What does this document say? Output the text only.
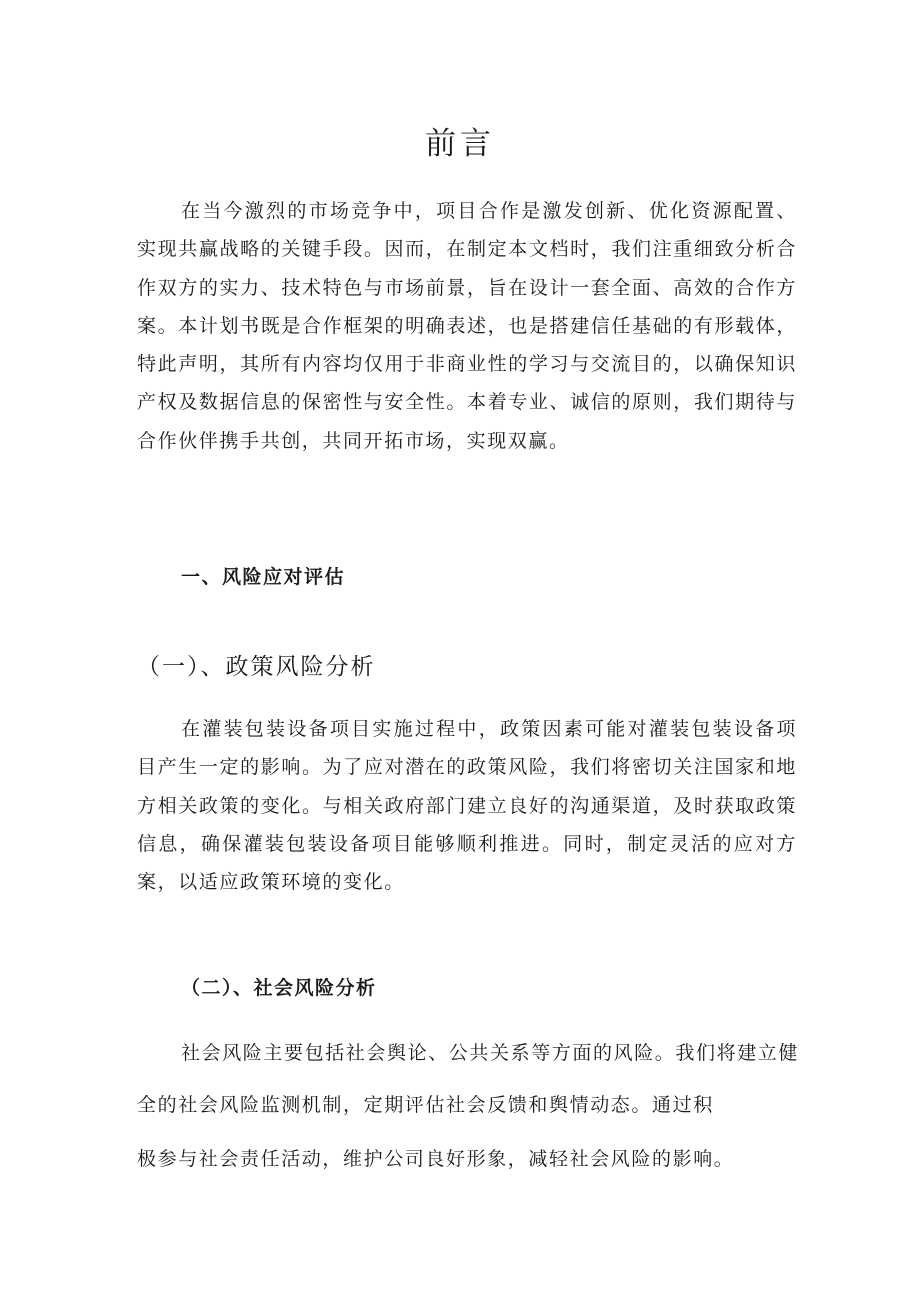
前言

在当今激烈的市场竞争中，项目合作是激发创新、优化资源配置、实现共赢战略的关键手段。因而，在制定本文档时，我们注重细致分析合作双方的实力、技术特色与市场前景，旨在设计一套全面、高效的合作方案。本计划书既是合作框架的明确表述，也是搭建信任基础的有形载体，特此声明，其所有内容均仅用于非商业性的学习与交流目的，以确保知识产权及数据信息的保密性与安全性。本着专业、诚信的原则，我们期待与合作伙伴携手共创，共同开拓市场，实现双赢。

一、风险应对评估
（一）、政策风险分析

在灌装包装设备项目实施过程中，政策因素可能对灌装包装设备项目产生一定的影响。为了应对潜在的政策风险，我们将密切关注国家和地方相关政策的变化。与相关政府部门建立良好的沟通渠道，及时获取政策信息，确保灌装包装设备项目能够顺利推进。同时，制定灵活的应对方案，以适应政策环境的变化。

（二）、社会风险分析
社会风险主要包括社会舆论、公共关系等方面的风险。我们将建立健
全的社会风险监测机制，定期评估社会反馈和舆情动态。通过积
极参与社会责任活动，维护公司良好形象，减轻社会风险的影响。
